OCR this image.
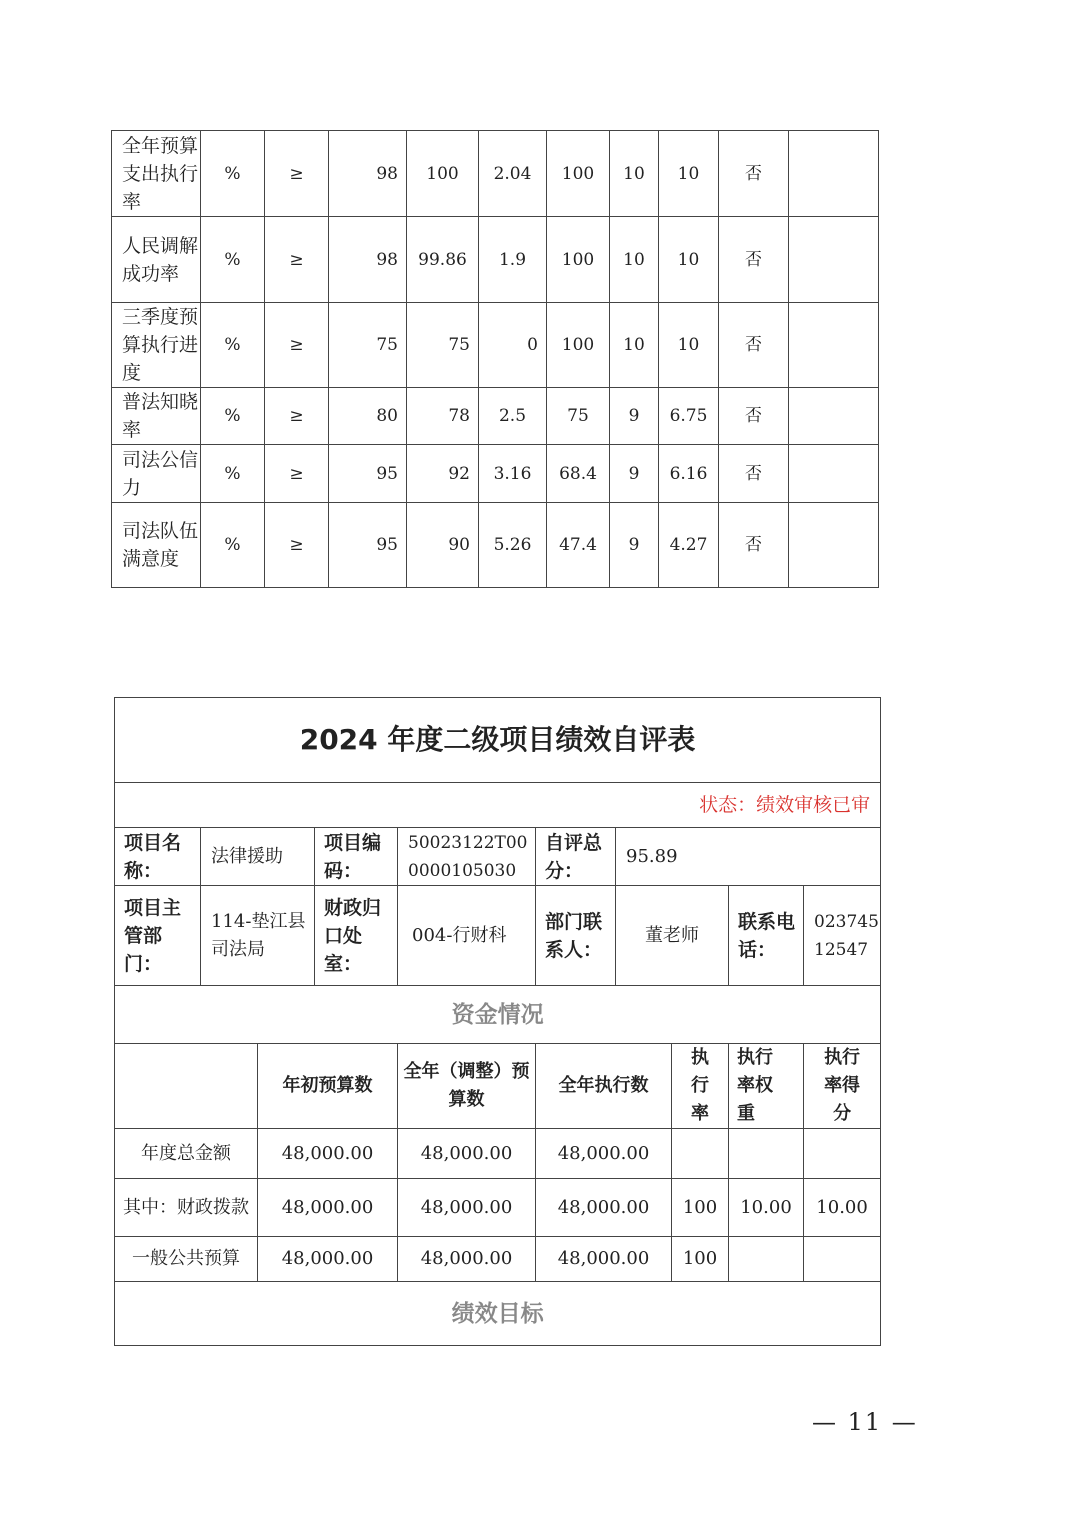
全年预算支出执行率	%	≥	98	100	2.04	100	10	10	否	
人民调解成功率	%	≥	98	99.86	1.9	100	10	10	否	
三季度预算执行进度	%	≥	75	75	0	100	10	10	否	
普法知晓率	%	≥	80	78	2.5	75	9	6.75	否	
司法公信力	%	≥	95	92	3.16	68.4	9	6.16	否	
司法队伍满意度	%	≥	95	90	5.26	47.4	9	4.27	否	
2024 年度二级项目绩效自评表									
状态：绩效审核已审									
项目名称：	法律援助		项目编码：	50023122T000000105030	自评总分：	95.89			
项目主管部门：	114-垫江县司法局		财政归口处室：	004-行财科	部门联系人：	董老师		联系电话：	02374512547
资金情况									
		年初预算数		全年（调整）预算数	全年执行数		执行率	执行率权重	执行率得分
年度总金额		48,000.00		48,000.00	48,000.00				
其中：财政拨款		48,000.00		48,000.00	48,000.00		100	10.00	10.00
一般公共预算		48,000.00		48,000.00	48,000.00		100		
绩效目标									
— 11 —
